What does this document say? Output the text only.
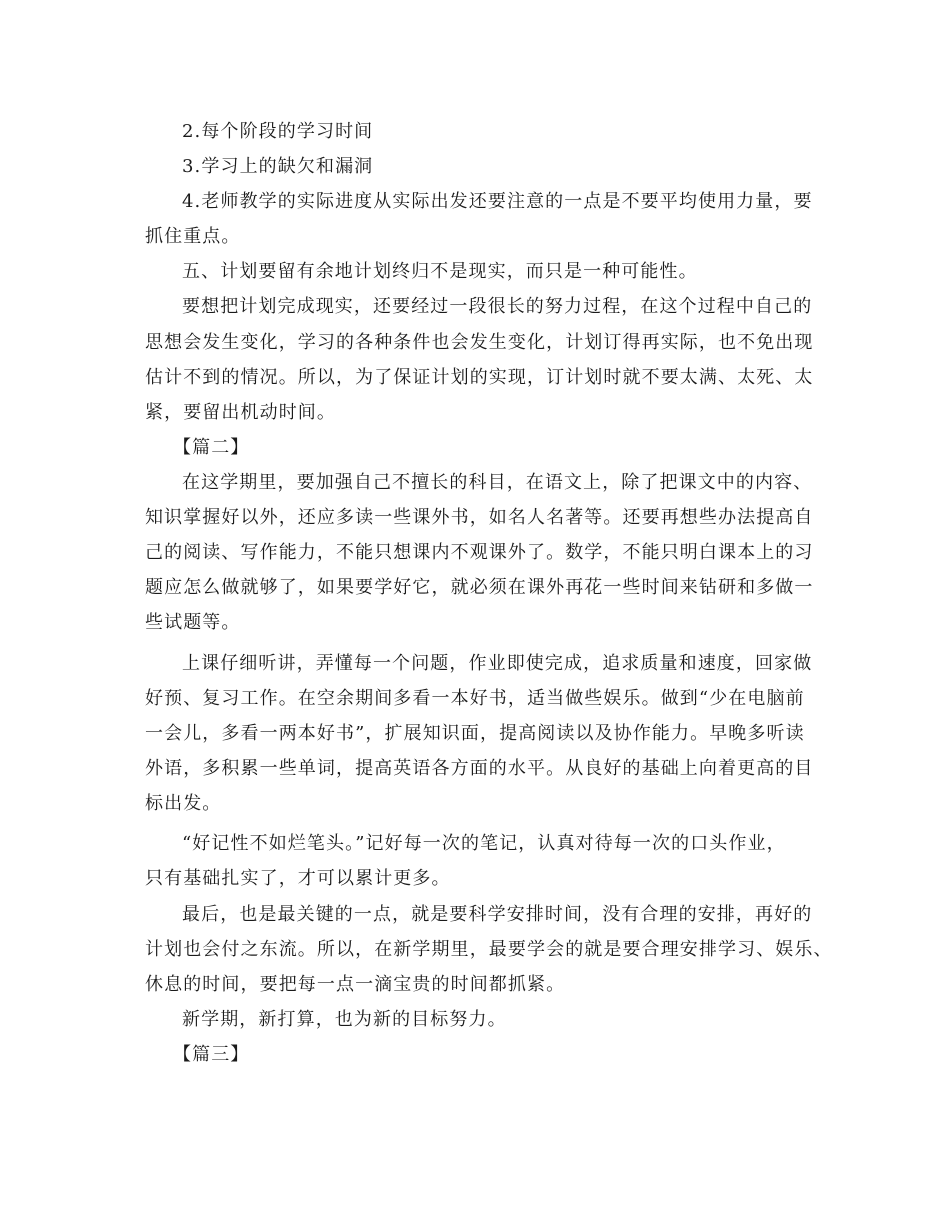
2.每个阶段的学习时间
3.学习上的缺欠和漏洞
4.老师教学的实际进度从实际出发还要注意的一点是不要平均使用力量，要
抓住重点。
五、计划要留有余地计划终归不是现实，而只是一种可能性。
要想把计划完成现实，还要经过一段很长的努力过程，在这个过程中自己的
思想会发生变化，学习的各种条件也会发生变化，计划订得再实际，也不免出现
估计不到的情况。所以，为了保证计划的实现，订计划时就不要太满、太死、太
紧，要留出机动时间。
【篇二】
在这学期里，要加强自己不擅长的科目，在语文上，除了把课文中的内容、
知识掌握好以外，还应多读一些课外书，如名人名著等。还要再想些办法提高自
己的阅读、写作能力，不能只想课内不观课外了。数学，不能只明白课本上的习
题应怎么做就够了，如果要学好它，就必须在课外再花一些时间来钻研和多做一
些试题等。
上课仔细听讲，弄懂每一个问题，作业即使完成，追求质量和速度，回家做
好预、复习工作。在空余期间多看一本好书，适当做些娱乐。做到“少在电脑前
一会儿，多看一两本好书”，扩展知识面，提高阅读以及协作能力。早晚多听读
外语，多积累一些单词，提高英语各方面的水平。从良好的基础上向着更高的目
标出发。
“好记性不如烂笔头。”记好每一次的笔记，认真对待每一次的口头作业，
只有基础扎实了，才可以累计更多。
最后，也是最关键的一点，就是要科学安排时间，没有合理的安排，再好的
计划也会付之东流。所以，在新学期里，最要学会的就是要合理安排学习、娱乐、
休息的时间，要把每一点一滴宝贵的时间都抓紧。
新学期，新打算，也为新的目标努力。
【篇三】
